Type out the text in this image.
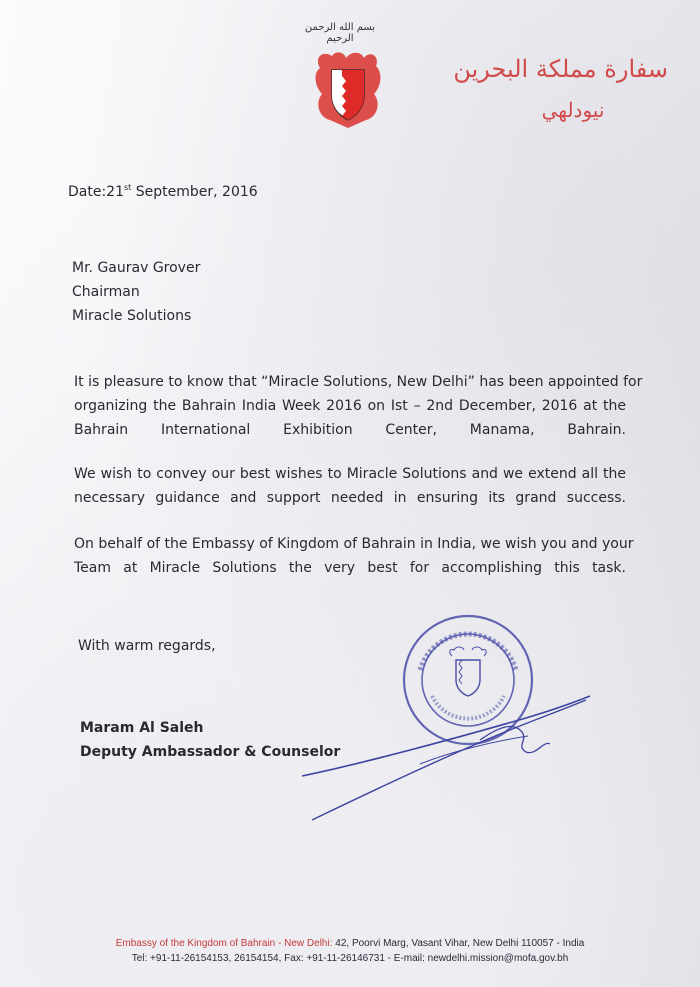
بسم الله الرحمن الرحيم
سفارة مملكة البحرين
نيودلهي
Date:21st September, 2016
Mr. Gaurav Grover
Chairman
Miracle Solutions
It is pleasure to know that “Miracle Solutions, New Delhi” has been appointed for
organizing the Bahrain India Week 2016 on Ist – 2nd December, 2016 at the
Bahrain International Exhibition Center, Manama, Bahrain.
We wish to convey our best wishes to Miracle Solutions and we extend all the
necessary guidance and support needed in ensuring its grand success.
On behalf of the Embassy of Kingdom of Bahrain in India, we wish you and your
Team at Miracle Solutions the very best for accomplishing this task.
With warm regards,
Maram Al Saleh
Deputy Ambassador & Counselor
Embassy of the Kingdom of Bahrain - New Delhi: 42, Poorvi Marg, Vasant Vihar, New Delhi 110057 - India
Tel: +91-11-26154153, 26154154, Fax: +91-11-26146731 - E-mail: newdelhi.mission@mofa.gov.bh
